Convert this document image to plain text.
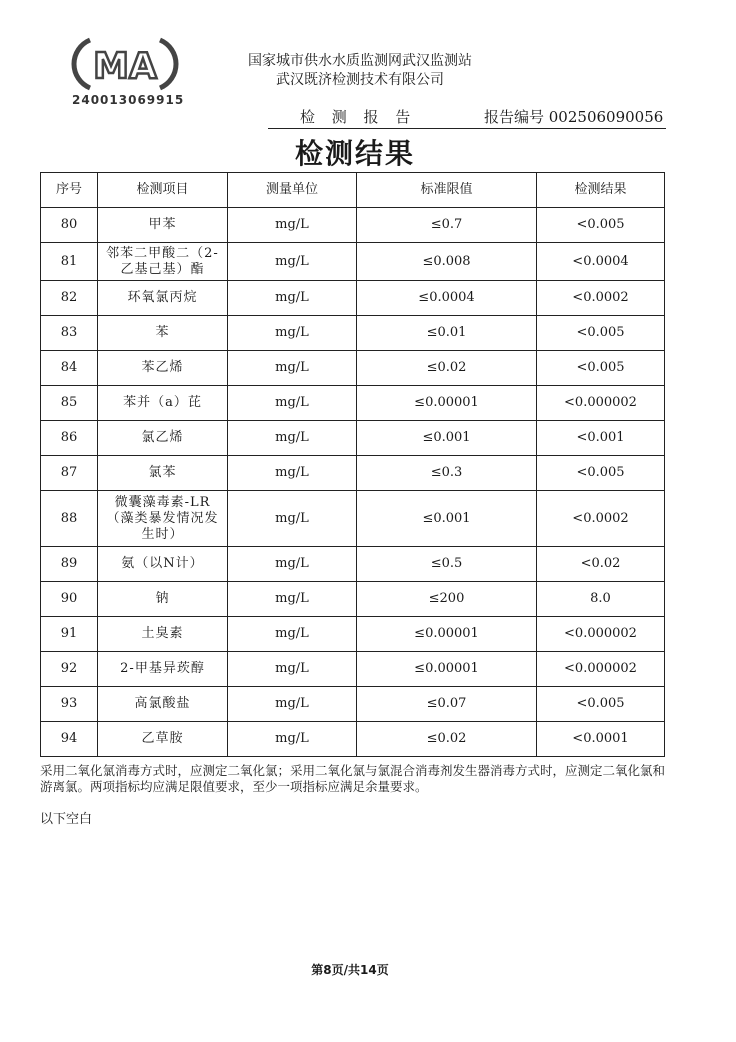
MA
240013069915
国家城市供水水质监测网武汉监测站
武汉既济检测技术有限公司
检 测 报 告	报告编号 002506090056
检测结果
序号	检测项目	测量单位	标准限值	检测结果
80	甲苯	mg/L	≤0.7	<0.005
81	邻苯二甲酸二（2-乙基己基）酯	mg/L	≤0.008	<0.0004
82	环氧氯丙烷	mg/L	≤0.0004	<0.0002
83	苯	mg/L	≤0.01	<0.005
84	苯乙烯	mg/L	≤0.02	<0.005
85	苯并（a）芘	mg/L	≤0.00001	<0.000002
86	氯乙烯	mg/L	≤0.001	<0.001
87	氯苯	mg/L	≤0.3	<0.005
88	微囊藻毒素-LR（藻类暴发情况发生时）	mg/L	≤0.001	<0.0002
89	氨（以N计）	mg/L	≤0.5	<0.02
90	钠	mg/L	≤200	8.0
91	土臭素	mg/L	≤0.00001	<0.000002
92	2-甲基异莰醇	mg/L	≤0.00001	<0.000002
93	高氯酸盐	mg/L	≤0.07	<0.005
94	乙草胺	mg/L	≤0.02	<0.0001
采用二氧化氯消毒方式时，应测定二氧化氯；采用二氧化氯与氯混合消毒剂发生器消毒方式时，应测定二氧化氯和游离氯。两项指标均应满足限值要求，至少一项指标应满足余量要求。
以下空白
第8页/共14页
